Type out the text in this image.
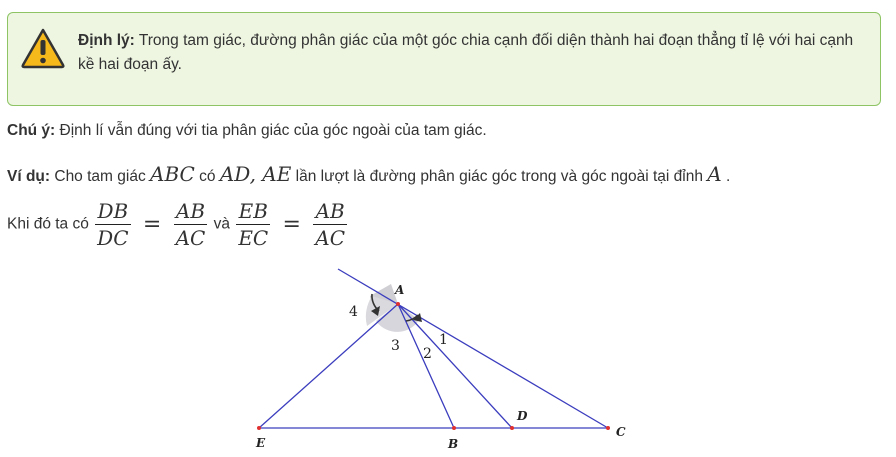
Định lý: Trong tam giác, đường phân giác của một góc chia cạnh đối diện thành hai đoạn thẳng tỉ lệ với hai cạnh kề hai đoạn ấy.
Chú ý: Định lí vẫn đúng với tia phân giác của góc ngoài của tam giác.
Ví dụ: Cho tam giác ABC có AD, AE lần lượt là đường phân giác góc trong và góc ngoài tại đỉnh A .
Khi đó ta có $\frac{DB}{DC} = \frac{AB}{AC}$ và $\frac{EB}{EC} = \frac{AB}{AC}$
A
E	B
D
C
1
2
3
4
